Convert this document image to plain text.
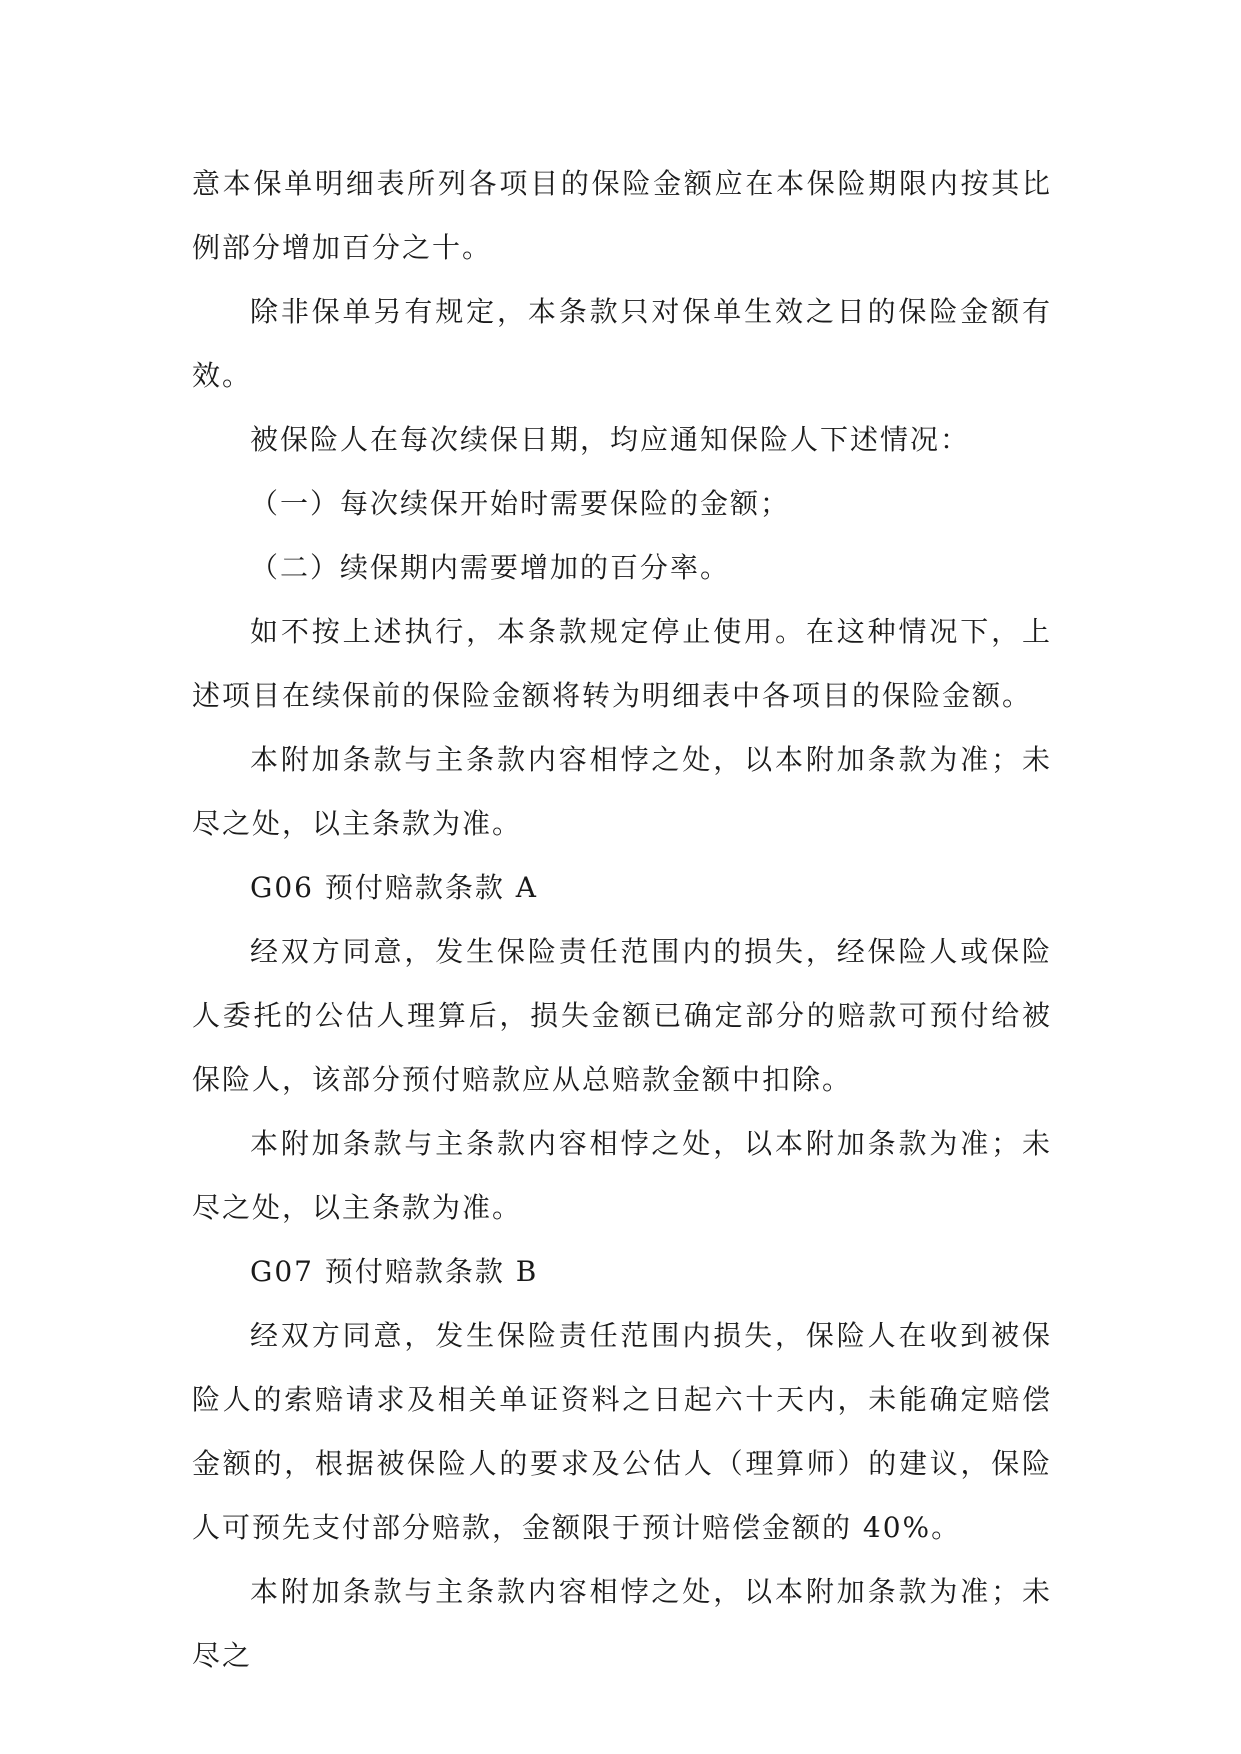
意本保单明细表所列各项目的保险金额应在本保险期限内按其比例部分增加百分之十。

除非保单另有规定，本条款只对保单生效之日的保险金额有效。

被保险人在每次续保日期，均应通知保险人下述情况：

（一）每次续保开始时需要保险的金额；

（二）续保期内需要增加的百分率。

如不按上述执行，本条款规定停止使用。在这种情况下，上述项目在续保前的保险金额将转为明细表中各项目的保险金额。

本附加条款与主条款内容相悖之处，以本附加条款为准；未尽之处，以主条款为准。

G06 预付赔款条款 A

经双方同意，发生保险责任范围内的损失，经保险人或保险人委托的公估人理算后，损失金额已确定部分的赔款可预付给被保险人，该部分预付赔款应从总赔款金额中扣除。

本附加条款与主条款内容相悖之处，以本附加条款为准；未尽之处，以主条款为准。

G07 预付赔款条款 B

经双方同意，发生保险责任范围内损失，保险人在收到被保险人的索赔请求及相关单证资料之日起六十天内，未能确定赔偿金额的，根据被保险人的要求及公估人（理算师）的建议，保险人可预先支付部分赔款，金额限于预计赔偿金额的 40%。

本附加条款与主条款内容相悖之处，以本附加条款为准；未尽之
